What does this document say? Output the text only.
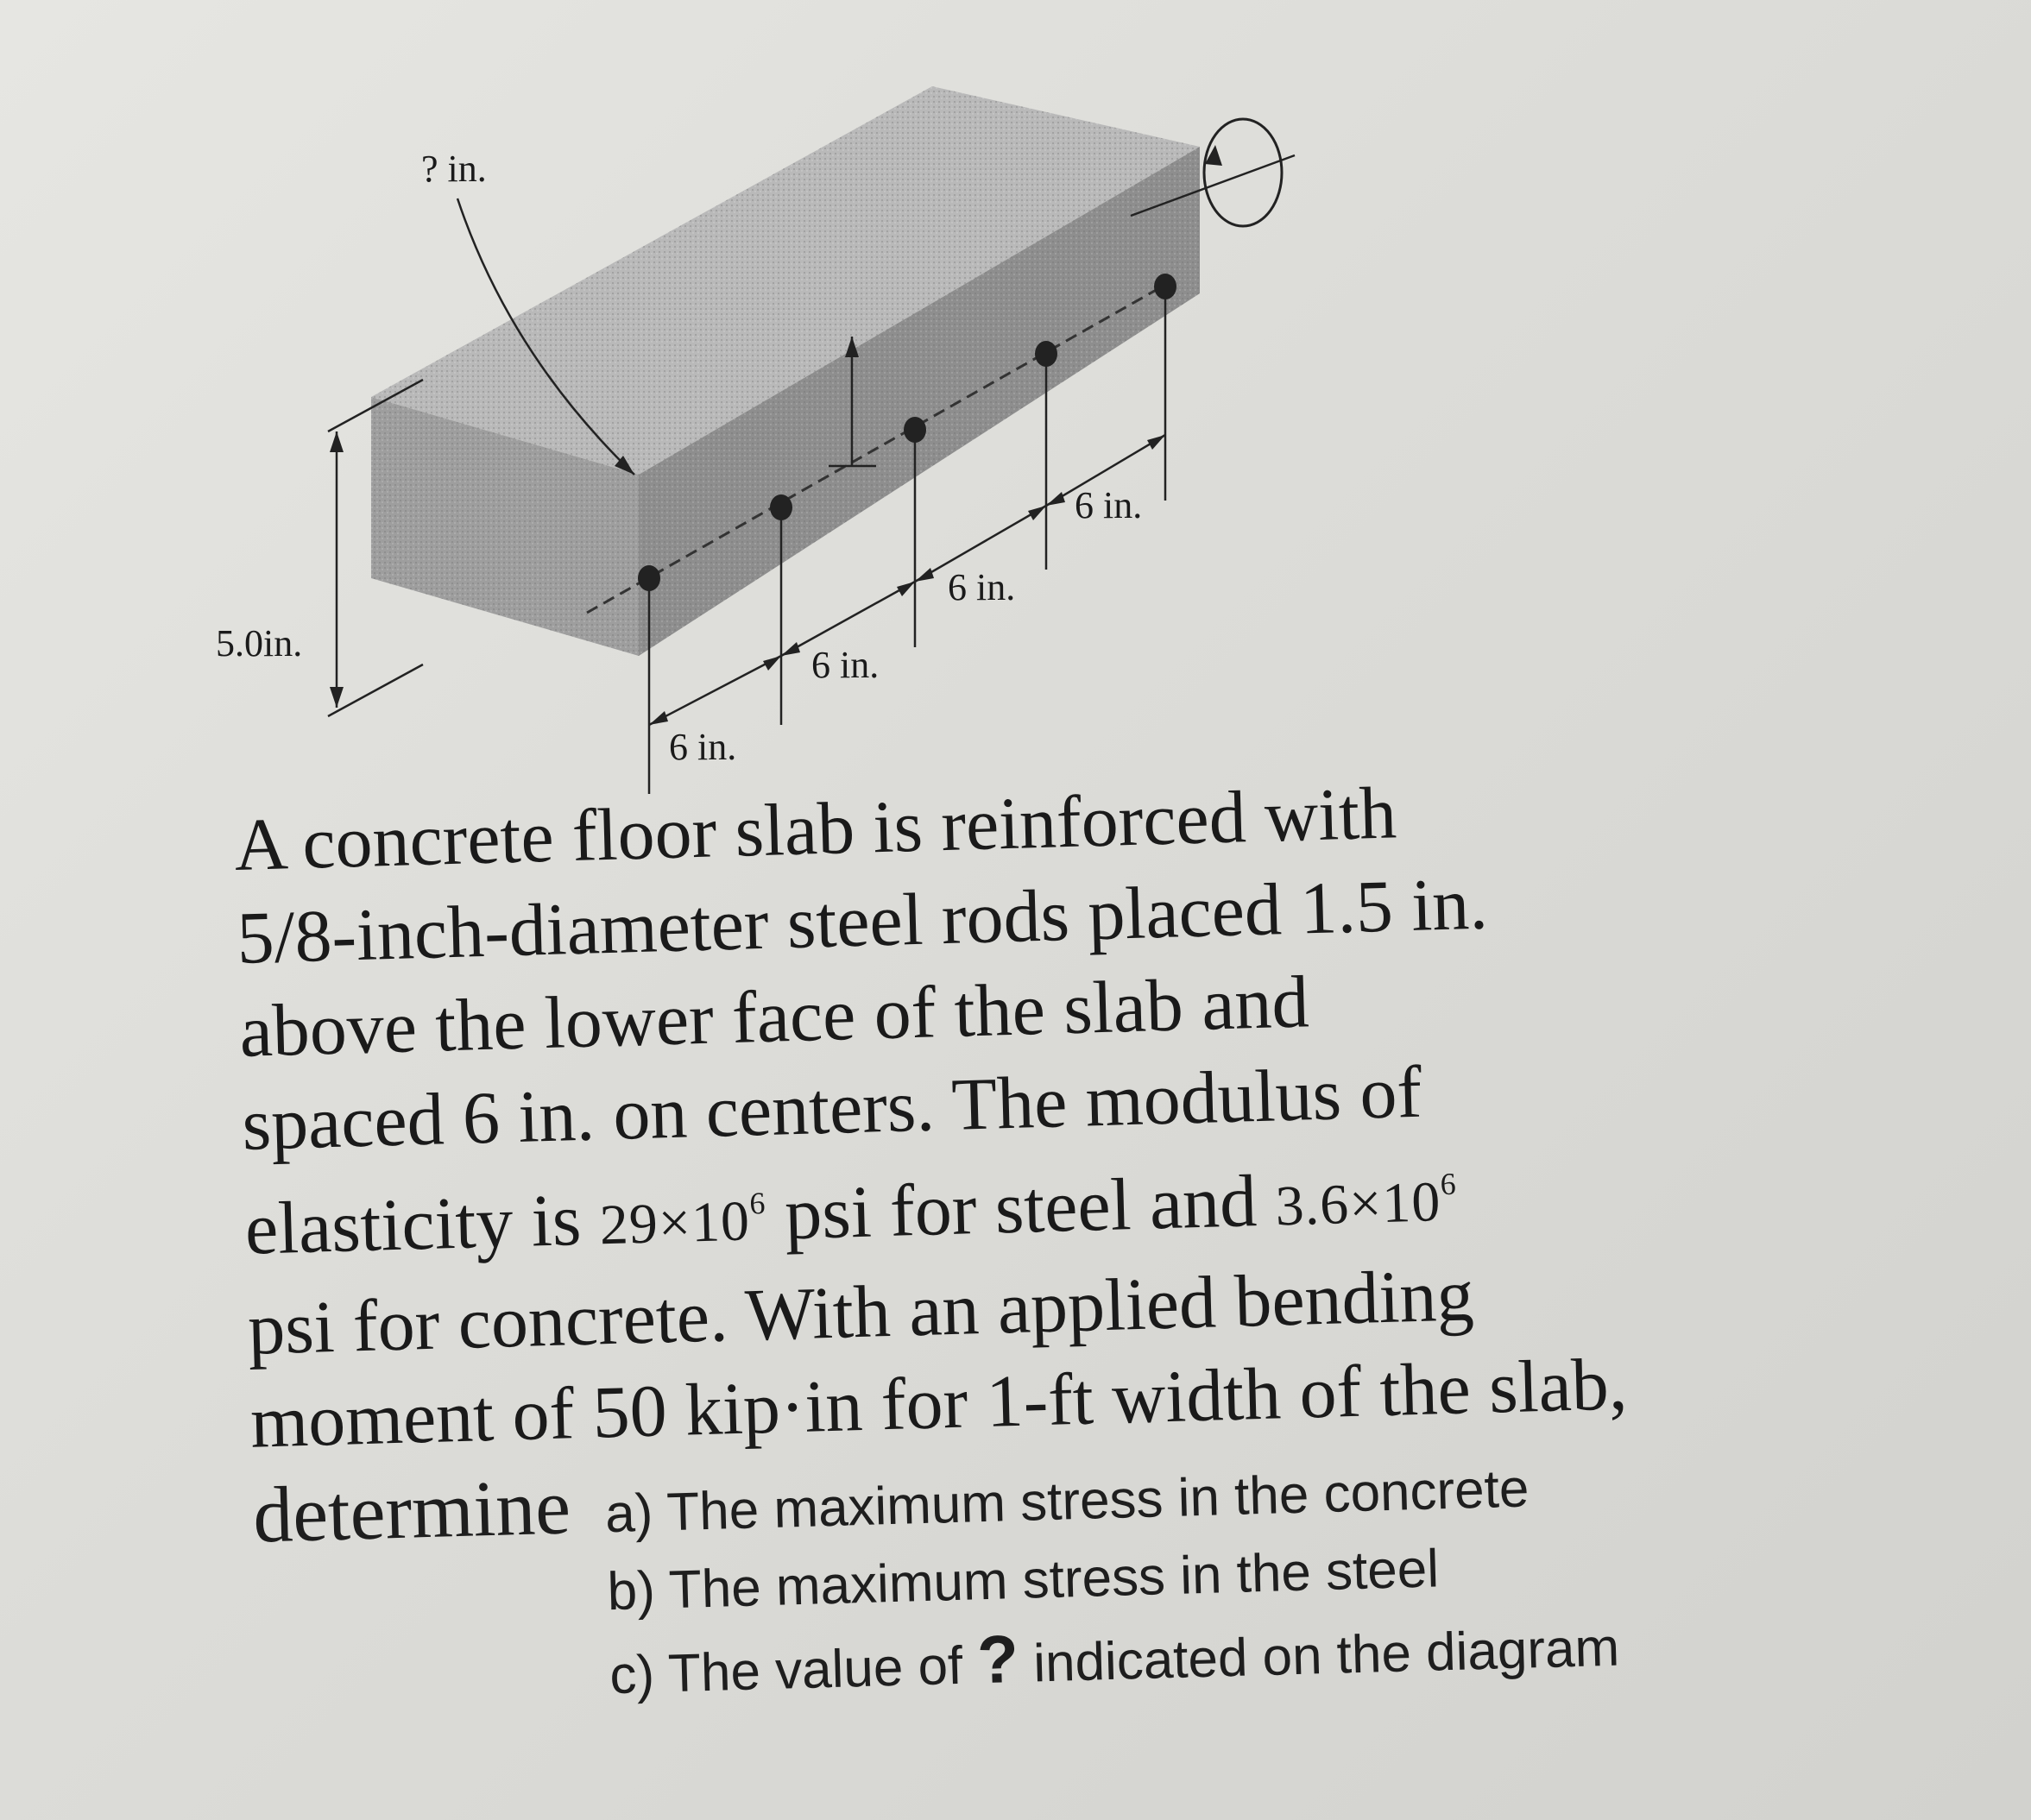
? in.
5.0in.
6 in.
6 in.
6 in.
6 in.
A concrete floor slab is reinforced with
5/8-inch-diameter steel rods placed 1.5 in.
above the lower face of the slab and
spaced 6 in. on centers. The modulus of
elasticity is $29\times 10^6$ psi for steel and $3.6\times 10^6$
psi for concrete. With an applied bending
moment of 50 kip·in for 1-ft width of the slab,
determine a) The maximum stress in the concrete
b) The maximum stress in the steel
c) The value of ? indicated on the diagram
